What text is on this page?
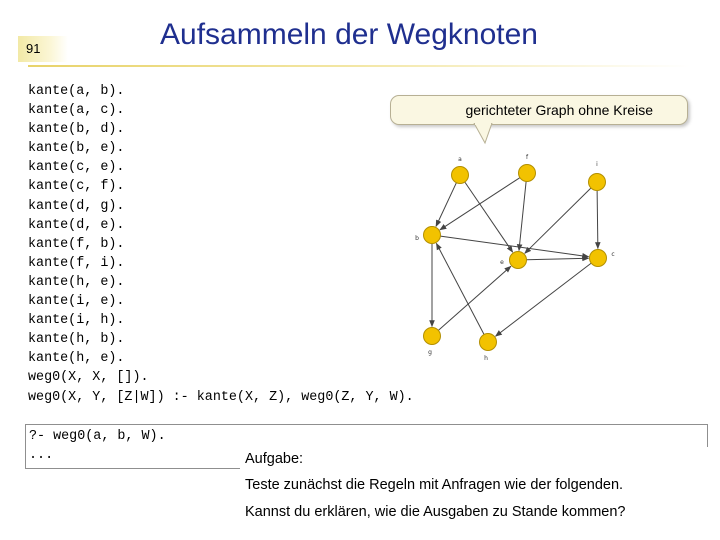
91	Aufsammeln der Wegknoten
kante(a, b).
kante(a, c).
kante(b, d).
kante(b, e).
kante(c, e).
kante(c, f).
kante(d, g).
kante(d, e).
kante(f, b).
kante(f, i).
kante(h, e).
kante(i, e).
kante(i, h).
kante(h, b).
kante(h, e).
weg0(X, X, []).
weg0(X, Y, [Z|W]) :- kante(X, Z), weg0(Z, Y, W).
?- weg0(a, b, W).
...	Aufgabe:
Teste zunächst die Regeln mit Anfragen wie der folgenden.
Kannst du erklären, wie die Ausgaben zu Stande kommen?
gerichteter Graph ohne Kreise
a	f
i
b
e
c
g
h
